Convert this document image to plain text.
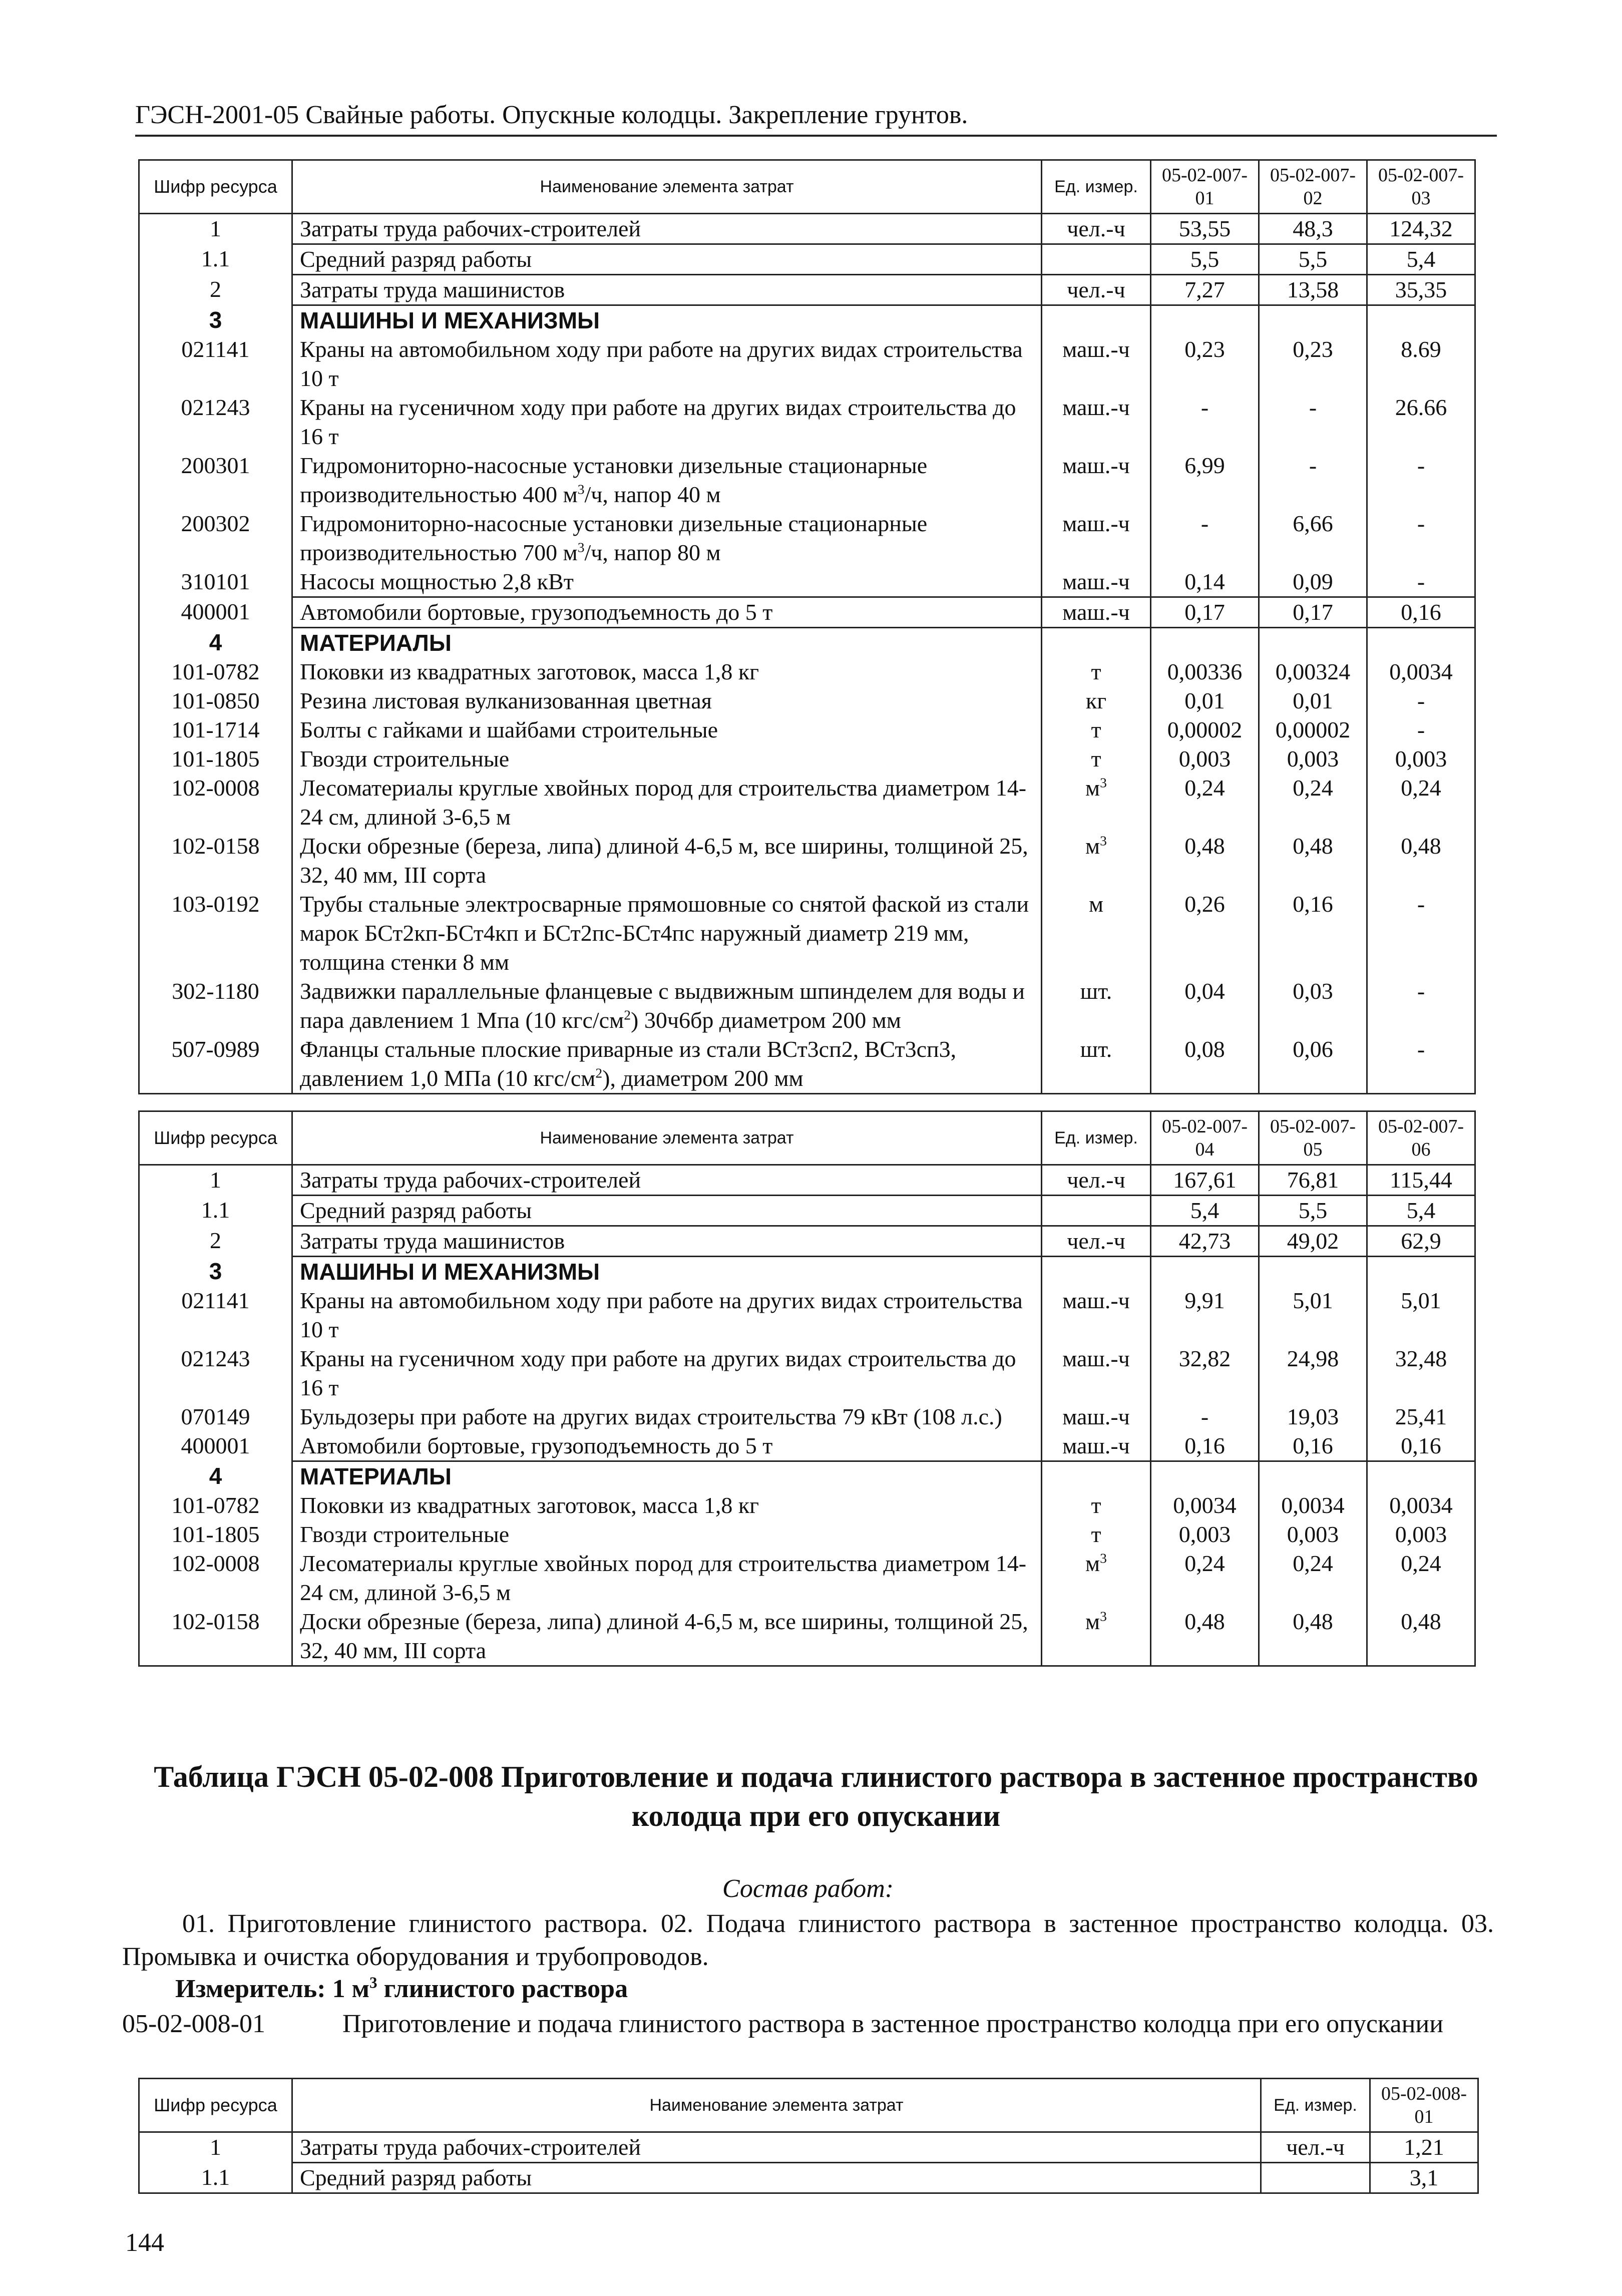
ГЭСН-2001-05 Свайные работы. Опускные колодцы. Закрепление грунтов.
Шифр ресурса	Наименование элемента затрат	Ед. измер.	05-02-007-01	05-02-007-02	05-02-007-03
1	Затраты труда рабочих-строителей	чел.-ч	53,55	48,3	124,32
1.1	Средний разряд работы		5,5	5,5	5,4
2	Затраты труда машинистов	чел.-ч	7,27	13,58	35,35
3	МАШИНЫ И МЕХАНИЗМЫ				
021141	Краны на автомобильном ходу при работе на других видах строительства 10 т	маш.-ч	0,23	0,23	8.69
021243	Краны на гусеничном ходу при работе на других видах строительства до 16 т	маш.-ч	-	-	26.66
200301	Гидромониторно-насосные установки дизельные стационарные производительностью 400 $м^3/ч$, напор 40 м	маш.-ч	6,99	-	-
200302	Гидромониторно-насосные установки дизельные стационарные производительностью 700 $м^3/ч$, напор 80 м	маш.-ч	-	6,66	-
310101	Насосы мощностью 2,8 кВт	маш.-ч	0,14	0,09	-
400001	Автомобили бортовые, грузоподъемность до 5 т	маш.-ч	0,17	0,17	0,16
4	МАТЕРИАЛЫ				
101-0782	Поковки из квадратных заготовок, масса 1,8 кг	т	0,00336	0,00324	0,0034
101-0850	Резина листовая вулканизованная цветная	кг	0,01	0,01	-
101-1714	Болты с гайками и шайбами строительные	т	0,00002	0,00002	-
101-1805	Гвозди строительные	т	0,003	0,003	0,003
102-0008	Лесоматериалы круглые хвойных пород для строительства диаметром 14-24 см, длиной 3-6,5 м	$м^3$	0,24	0,24	0,24
102-0158	Доски обрезные (береза, липа) длиной 4-6,5 м, все ширины, толщиной 25, 32, 40 мм, III сорта	$м^3$	0,48	0,48	0,48
103-0192	Трубы стальные электросварные прямошовные со снятой фаской из стали марок БСт2кп-БСт4кп и БСт2пс-БСт4пс наружный диаметр 219 мм, толщина стенки 8 мм	м	0,26	0,16	-
302-1180	Задвижки параллельные фланцевые с выдвижным шпинделем для воды и пара давлением 1 Мпа (10 кгс/$см^2$) 30ч6бр диаметром 200 мм	шт.	0,04	0,03	-
507-0989	Фланцы стальные плоские приварные из стали ВСт3сп2, ВСт3сп3, давлением 1,0 МПа (10 кгс/$см^2$), диаметром 200 мм	шт.	0,08	0,06	-
Шифр ресурса	Наименование элемента затрат	Ед. измер.	05-02-007-04	05-02-007-05	05-02-007-06
1	Затраты труда рабочих-строителей	чел.-ч	167,61	76,81	115,44
1.1	Средний разряд работы		5,4	5,5	5,4
2	Затраты труда машинистов	чел.-ч	42,73	49,02	62,9
3	МАШИНЫ И МЕХАНИЗМЫ				
021141	Краны на автомобильном ходу при работе на других видах строительства 10 т	маш.-ч	9,91	5,01	5,01
021243	Краны на гусеничном ходу при работе на других видах строительства до 16 т	маш.-ч	32,82	24,98	32,48
070149	Бульдозеры при работе на других видах строительства 79 кВт (108 л.с.)	маш.-ч	-	19,03	25,41
400001	Автомобили бортовые, грузоподъемность до 5 т	маш.-ч	0,16	0,16	0,16
4	МАТЕРИАЛЫ				
101-0782	Поковки из квадратных заготовок, масса 1,8 кг	т	0,0034	0,0034	0,0034
101-1805	Гвозди строительные	т	0,003	0,003	0,003
102-0008	Лесоматериалы круглые хвойных пород для строительства диаметром 14-24 см, длиной 3-6,5 м	$м^3$	0,24	0,24	0,24
102-0158	Доски обрезные (береза, липа) длиной 4-6,5 м, все ширины, толщиной 25, 32, 40 мм, III сорта	$м^3$	0,48	0,48	0,48
Таблица ГЭСН 05-02-008 Приготовление и подача глинистого раствора в застенное пространство колодца при его опускании
Состав работ:
01. Приготовление глинистого раствора. 02. Подача глинистого раствора в застенное пространство колодца. 03. Промывка и очистка оборудования и трубопроводов.
Измеритель: 1 $м^3$ глинистого раствора
05-02-008-01	Приготовление и подача глинистого раствора в застенное пространство колодца при его опускании
Шифр ресурса	Наименование элемента затрат	Ед. измер.	05-02-008-01
1	Затраты труда рабочих-строителей	чел.-ч	1,21
1.1	Средний разряд работы		3,1
144
